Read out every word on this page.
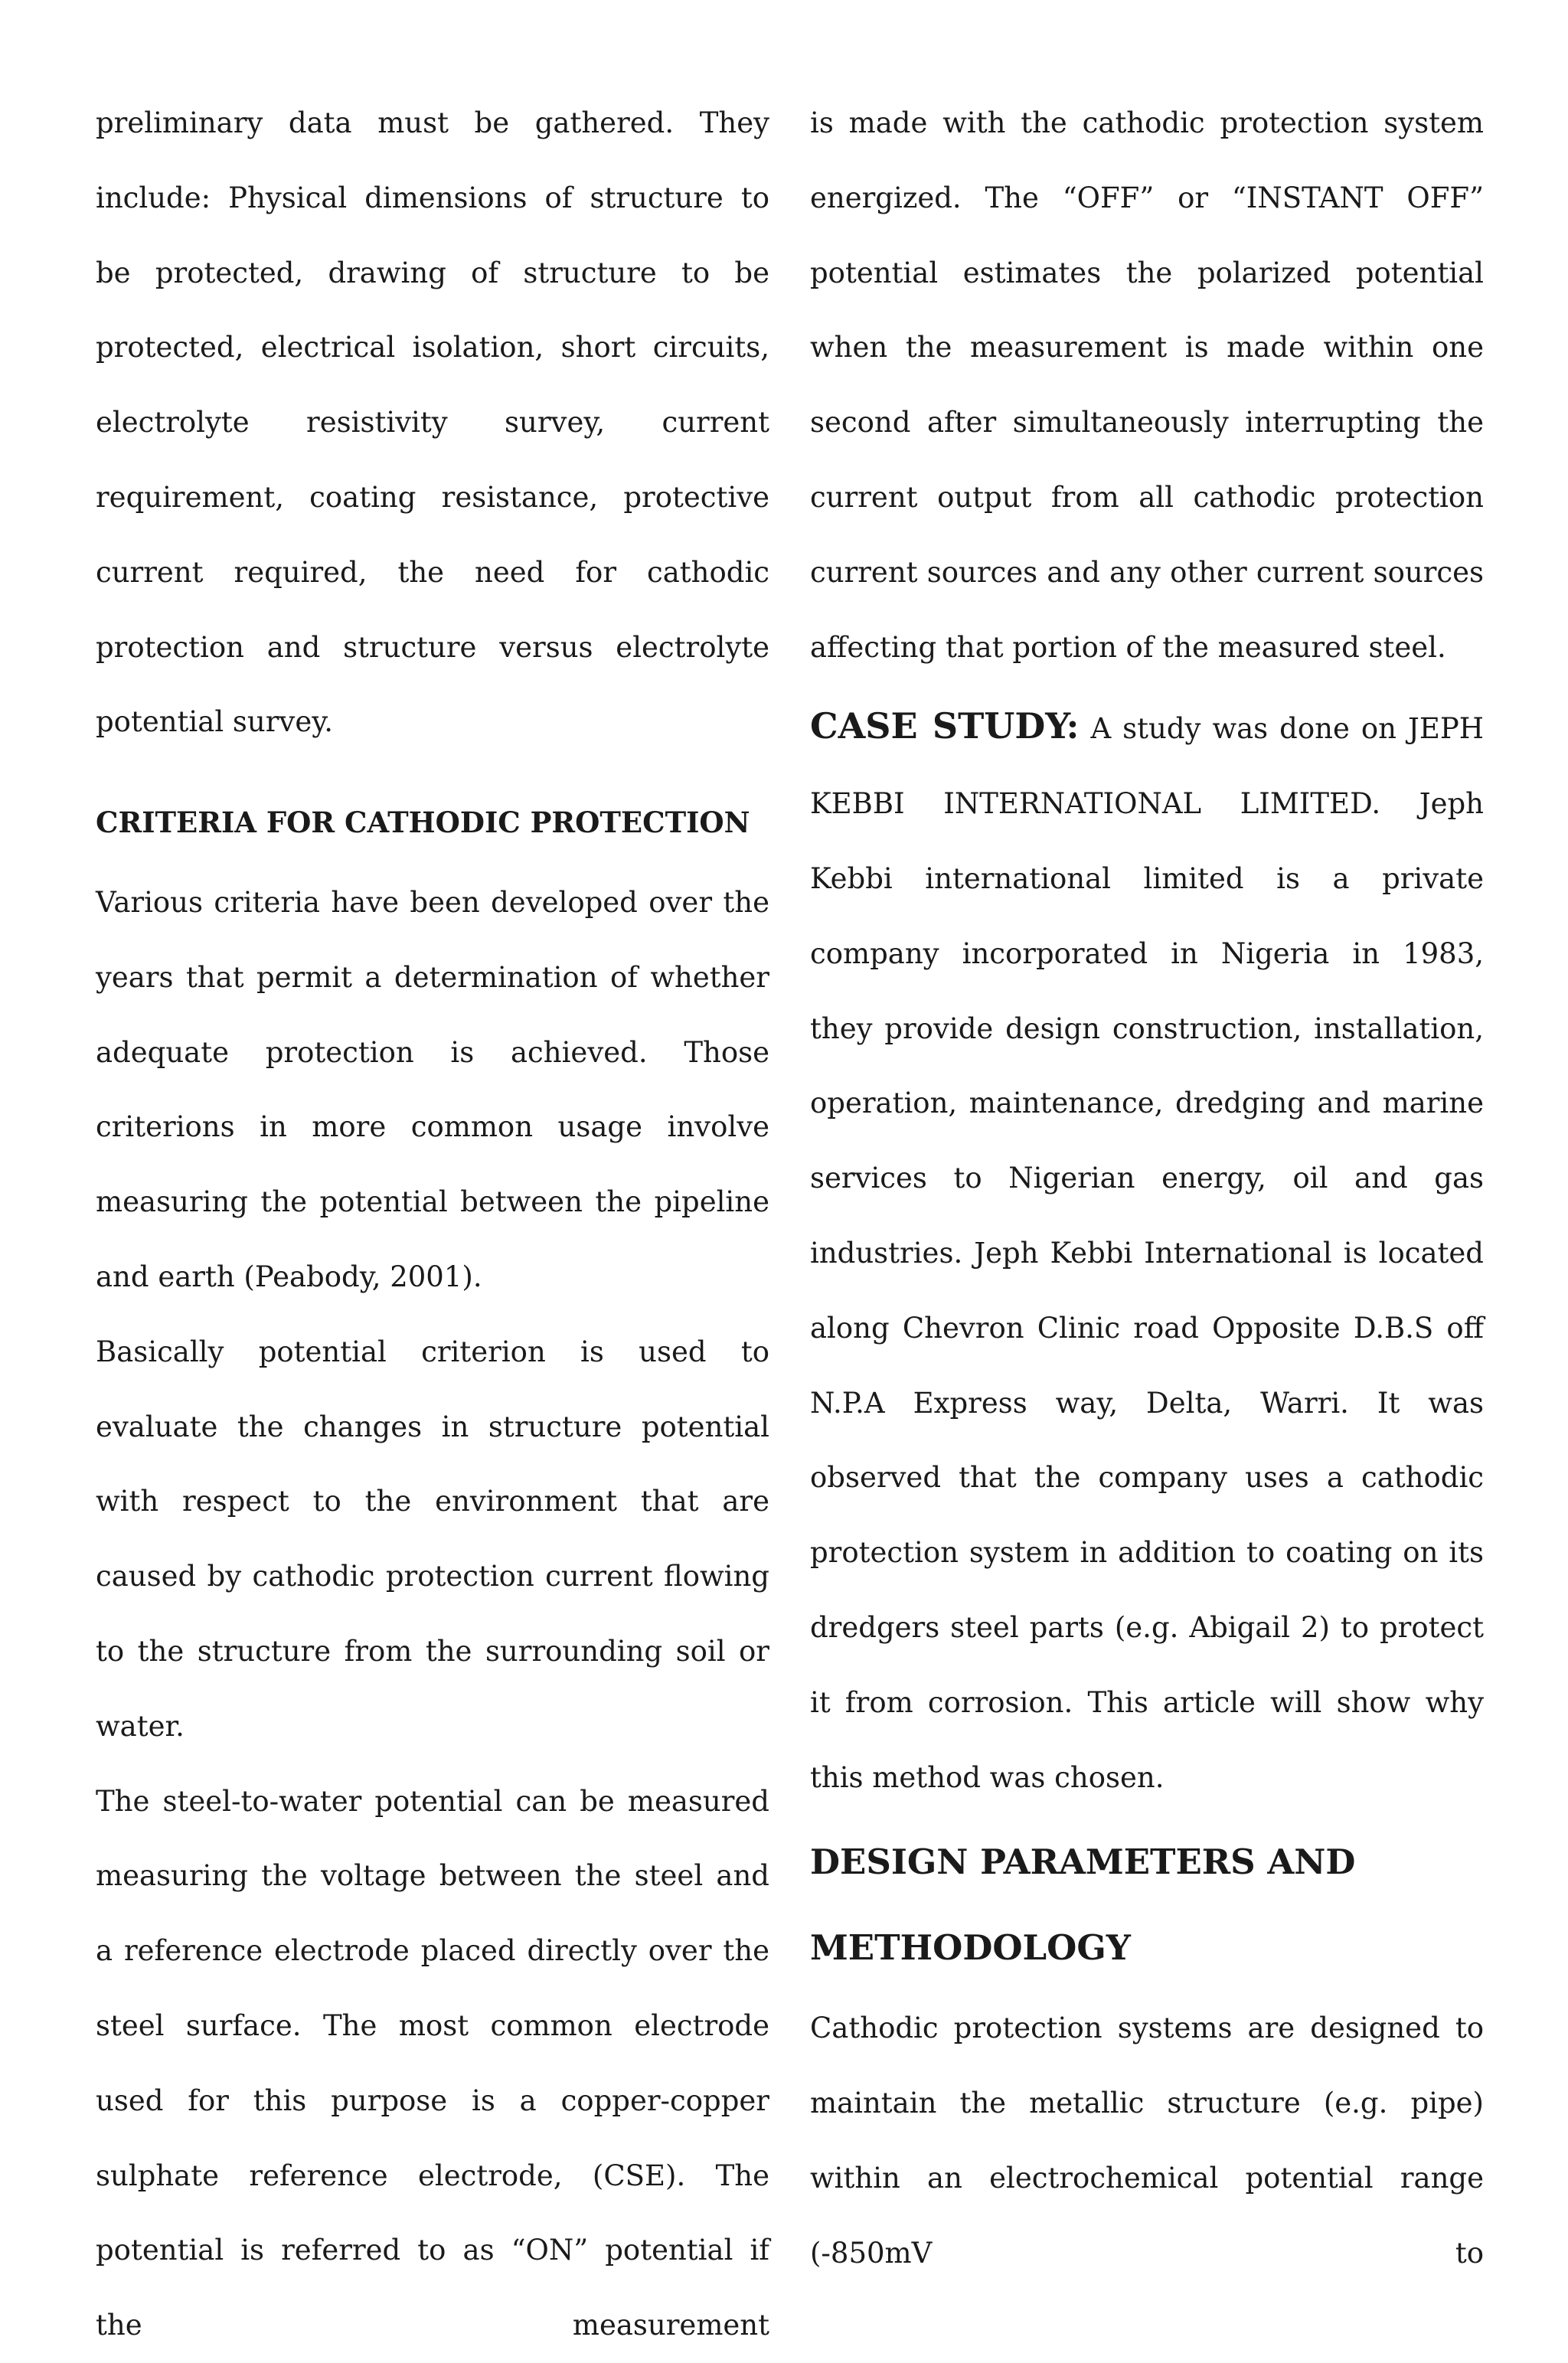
preliminary data must be gathered. They include: Physical dimensions of structure to be protected, drawing of structure to be protected, electrical isolation, short circuits, electrolyte resistivity survey, current requirement, coating resistance, protective current required, the need for cathodic protection and structure versus electrolyte potential survey.

CRITERIA FOR CATHODIC PROTECTION

Various criteria have been developed over the years that permit a determination of whether adequate protection is achieved. Those criterions in more common usage involve measuring the potential between the pipeline and earth (Peabody, 2001).

Basically potential criterion is used to evaluate the changes in structure potential with respect to the environment that are caused by cathodic protection current flowing to the structure from the surrounding soil or water.

The steel-to-water potential can be measured measuring the voltage between the steel and a reference electrode placed directly over the steel surface. The most common electrode used for this purpose is a copper-copper sulphate reference electrode, (CSE). The potential is referred to as “ON” potential if the measurement

is made with the cathodic protection system energized. The “OFF” or “INSTANT OFF” potential estimates the polarized potential when the measurement is made within one second after simultaneously interrupting the current output from all cathodic protection current sources and any other current sources affecting that portion of the measured steel.

CASE STUDY: A study was done on JEPH KEBBI INTERNATIONAL LIMITED. Jeph Kebbi international limited is a private company incorporated in Nigeria in 1983, they provide design construction, installation, operation, maintenance, dredging and marine services to Nigerian energy, oil and gas industries. Jeph Kebbi International is located along Chevron Clinic road Opposite D.B.S off N.P.A Express way, Delta, Warri. It was observed that the company uses a cathodic protection system in addition to coating on its dredgers steel parts (e.g. Abigail 2) to protect it from corrosion. This article will show why this method was chosen.

DESIGN PARAMETERS AND
METHODOLOGY

Cathodic protection systems are designed to maintain the metallic structure (e.g. pipe) within an electrochemical potential range (-850mV to
